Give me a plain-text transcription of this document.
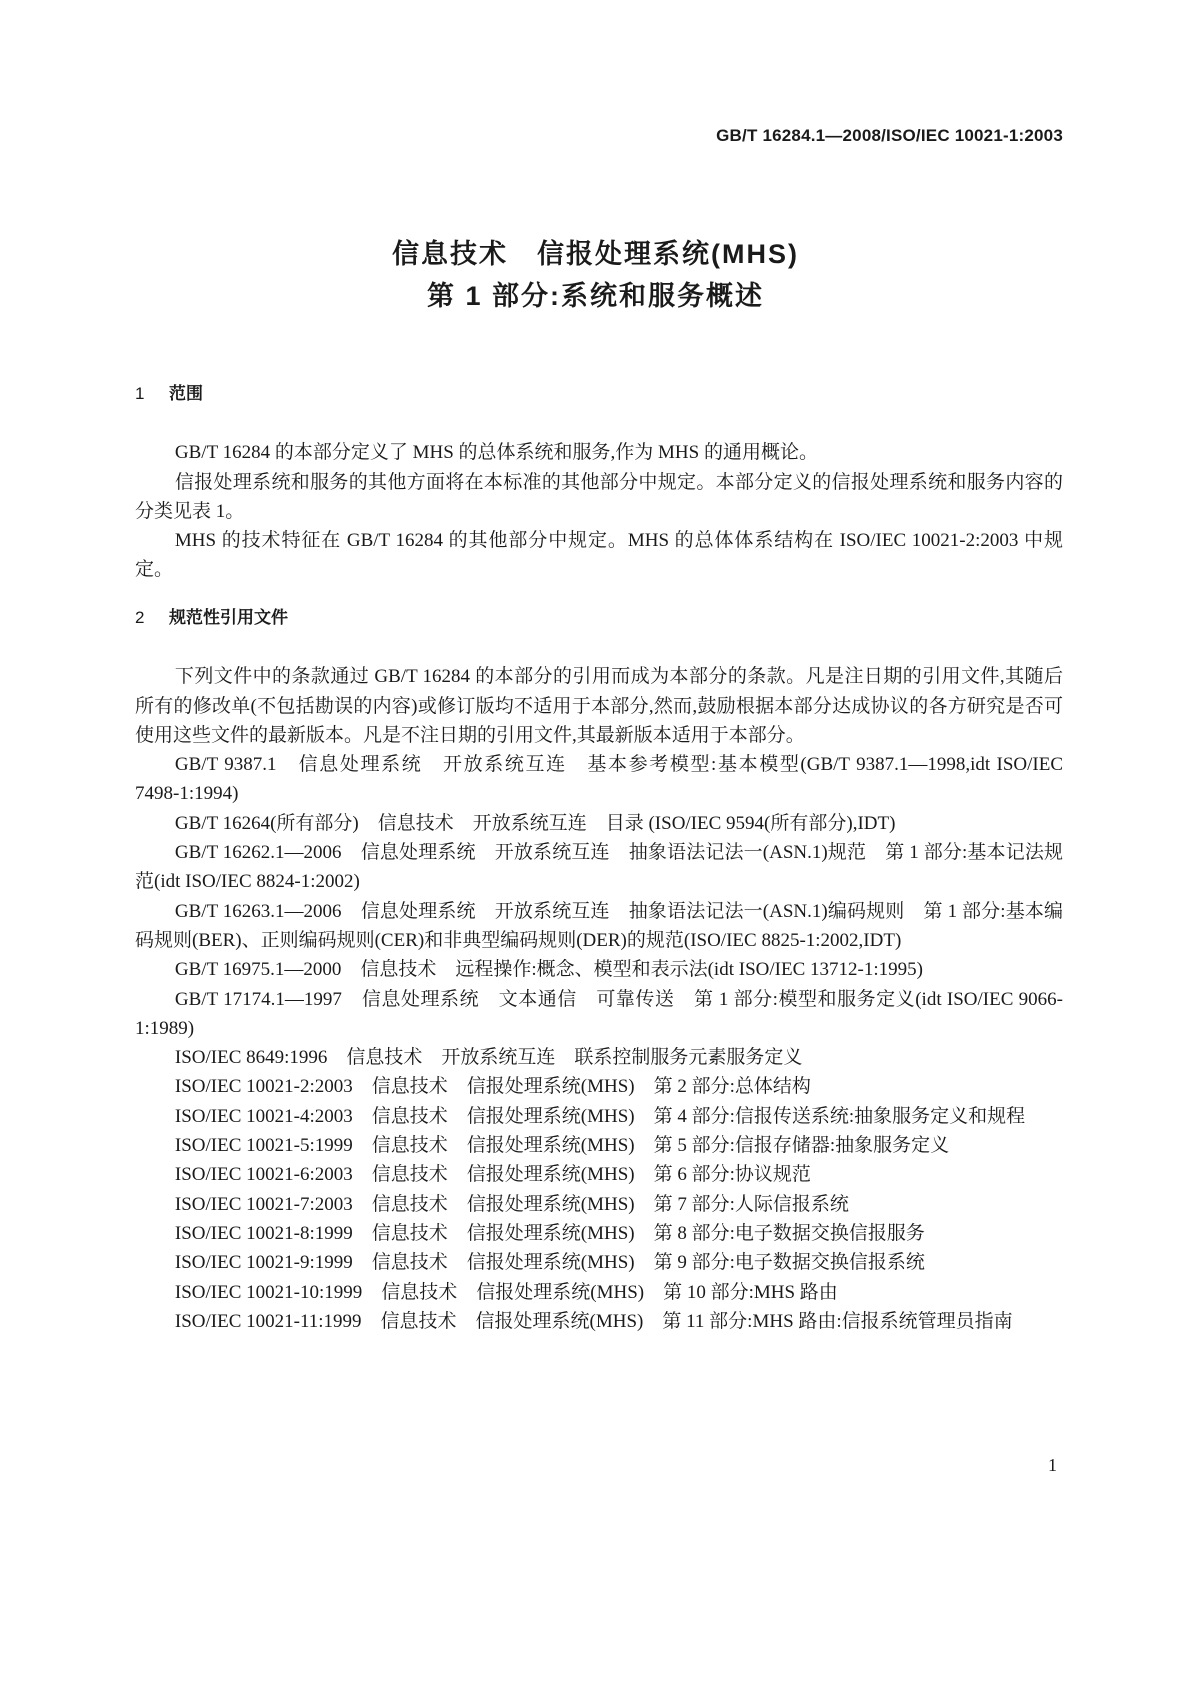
GB/T 16284.1—2008/ISO/IEC 10021-1:2003
信息技术　信报处理系统(MHS)
第 1 部分:系统和服务概述
1 范围

GB/T 16284 的本部分定义了 MHS 的总体系统和服务,作为 MHS 的通用概论。

信报处理系统和服务的其他方面将在本标准的其他部分中规定。本部分定义的信报处理系统和服务内容的分类见表 1。

MHS 的技术特征在 GB/T 16284 的其他部分中规定。MHS 的总体体系结构在 ISO/IEC 10021-2:2003 中规定。

2 规范性引用文件

下列文件中的条款通过 GB/T 16284 的本部分的引用而成为本部分的条款。凡是注日期的引用文件,其随后所有的修改单(不包括勘误的内容)或修订版均不适用于本部分,然而,鼓励根据本部分达成协议的各方研究是否可使用这些文件的最新版本。凡是不注日期的引用文件,其最新版本适用于本部分。

GB/T 9387.1　信息处理系统　开放系统互连　基本参考模型:基本模型(GB/T 9387.1—1998,idt ISO/IEC 7498-1:1994)

GB/T 16264(所有部分)　信息技术　开放系统互连　目录 (ISO/IEC 9594(所有部分),IDT)

GB/T 16262.1—2006　信息处理系统　开放系统互连　抽象语法记法一(ASN.1)规范　第 1 部分:基本记法规范(idt ISO/IEC 8824-1:2002)

GB/T 16263.1—2006　信息处理系统　开放系统互连　抽象语法记法一(ASN.1)编码规则　第 1 部分:基本编码规则(BER)、正则编码规则(CER)和非典型编码规则(DER)的规范(ISO/IEC 8825-1:2002,IDT)

GB/T 16975.1—2000　信息技术　远程操作:概念、模型和表示法(idt ISO/IEC 13712-1:1995)

GB/T 17174.1—1997　信息处理系统　文本通信　可靠传送　第 1 部分:模型和服务定义(idt ISO/IEC 9066-1:1989)

ISO/IEC 8649:1996　信息技术　开放系统互连　联系控制服务元素服务定义

ISO/IEC 10021-2:2003　信息技术　信报处理系统(MHS)　第 2 部分:总体结构

ISO/IEC 10021-4:2003　信息技术　信报处理系统(MHS)　第 4 部分:信报传送系统:抽象服务定义和规程

ISO/IEC 10021-5:1999　信息技术　信报处理系统(MHS)　第 5 部分:信报存储器:抽象服务定义

ISO/IEC 10021-6:2003　信息技术　信报处理系统(MHS)　第 6 部分:协议规范

ISO/IEC 10021-7:2003　信息技术　信报处理系统(MHS)　第 7 部分:人际信报系统

ISO/IEC 10021-8:1999　信息技术　信报处理系统(MHS)　第 8 部分:电子数据交换信报服务

ISO/IEC 10021-9:1999　信息技术　信报处理系统(MHS)　第 9 部分:电子数据交换信报系统

ISO/IEC 10021-10:1999　信息技术　信报处理系统(MHS)　第 10 部分:MHS 路由

ISO/IEC 10021-11:1999　信息技术　信报处理系统(MHS)　第 11 部分:MHS 路由:信报系统管理员指南

1
